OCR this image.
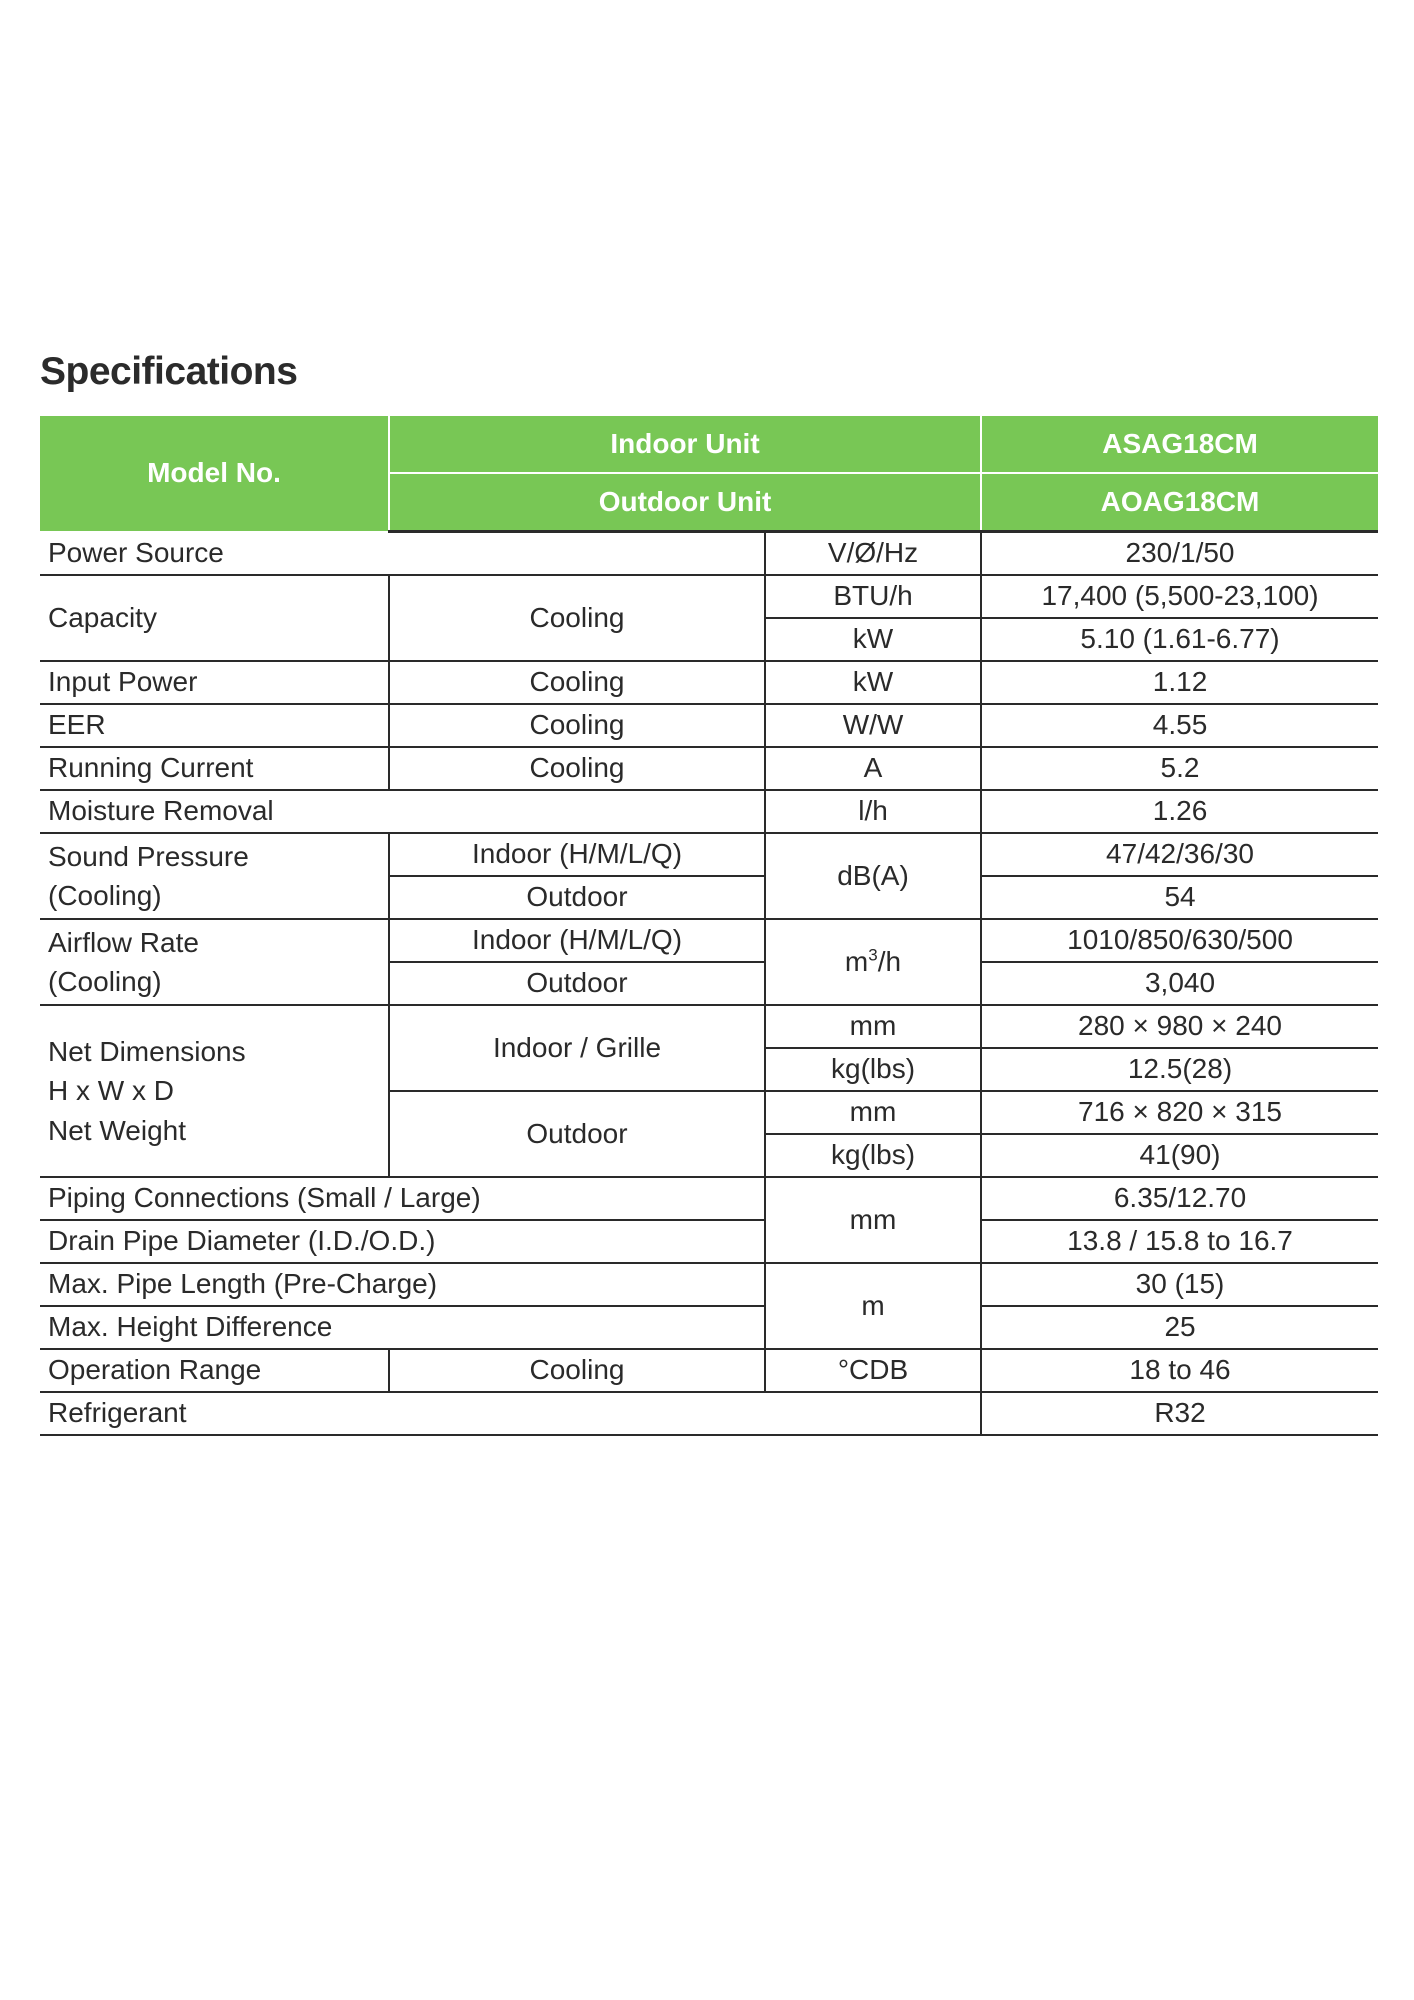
Specifications
Model No.	Indoor Unit		ASAG18CM
	Outdoor Unit		AOAG18CM
Power Source		V/Ø/Hz	230/1/50
Capacity	Cooling	BTU/h	17,400 (5,500-23,100)
		kW	5.10 (1.61-6.77)
Input Power	Cooling	kW	1.12
EER	Cooling	W/W	4.55
Running Current	Cooling	A	5.2
Moisture Removal		l/h	1.26

Sound Pressure
(Cooling)	Indoor (H/M/L/Q)	dB(A)	47/42/36/30
	Outdoor		54

Airflow Rate
(Cooling)	Indoor (H/M/L/Q)	$m^3/h$	1010/850/630/500
	Outdoor		3,040

Net Dimensions
H x W x D
Net Weight	Indoor / Grille	mm	280 × 980 × 240
		kg(lbs)	12.5(28)
	Outdoor	mm	716 × 820 × 315
		kg(lbs)	41(90)
Piping Connections (Small / Large)		mm	6.35/12.70
Drain Pipe Diameter (I.D./O.D.)			13.8 / 15.8 to 16.7
Max. Pipe Length (Pre-Charge)		m	30 (15)
Max. Height Difference			25
Operation Range	Cooling	°CDB	18 to 46
Refrigerant			R32
